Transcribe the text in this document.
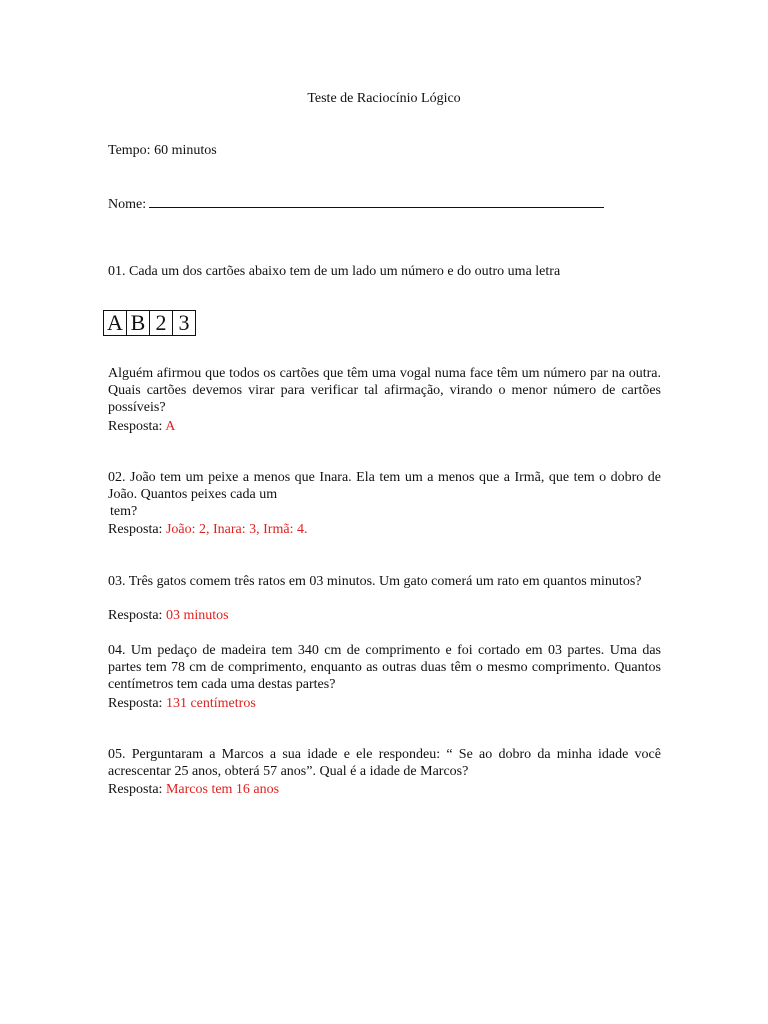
Teste de Raciocínio Lógico
Tempo: 60 minutos
Nome:
01. Cada um dos cartões abaixo tem de um lado um número e do outro uma letra
A B 2 3
Alguém afirmou que todos os cartões que têm uma vogal numa face têm um número par na outra. Quais cartões devemos virar para verificar tal afirmação, virando o menor número de cartões possíveis?
Resposta: A
02. João tem um peixe a menos que Inara. Ela tem um a menos que a Irmã, que tem o dobro de João. Quantos peixes cada um
tem?
Resposta: João: 2, Inara: 3, Irmã: 4.
03. Três gatos comem três ratos em 03 minutos. Um gato comerá um rato em quantos minutos?
Resposta: 03 minutos
04. Um pedaço de madeira tem 340 cm de comprimento e foi cortado em 03 partes. Uma das partes tem 78 cm de comprimento, enquanto as outras duas têm o mesmo comprimento. Quantos centímetros tem cada uma destas partes?
Resposta: 131 centímetros
05. Perguntaram a Marcos a sua idade e ele respondeu: “ Se ao dobro da minha idade você acrescentar 25 anos, obterá 57 anos”. Qual é a idade de Marcos?
Resposta: Marcos tem 16 anos
